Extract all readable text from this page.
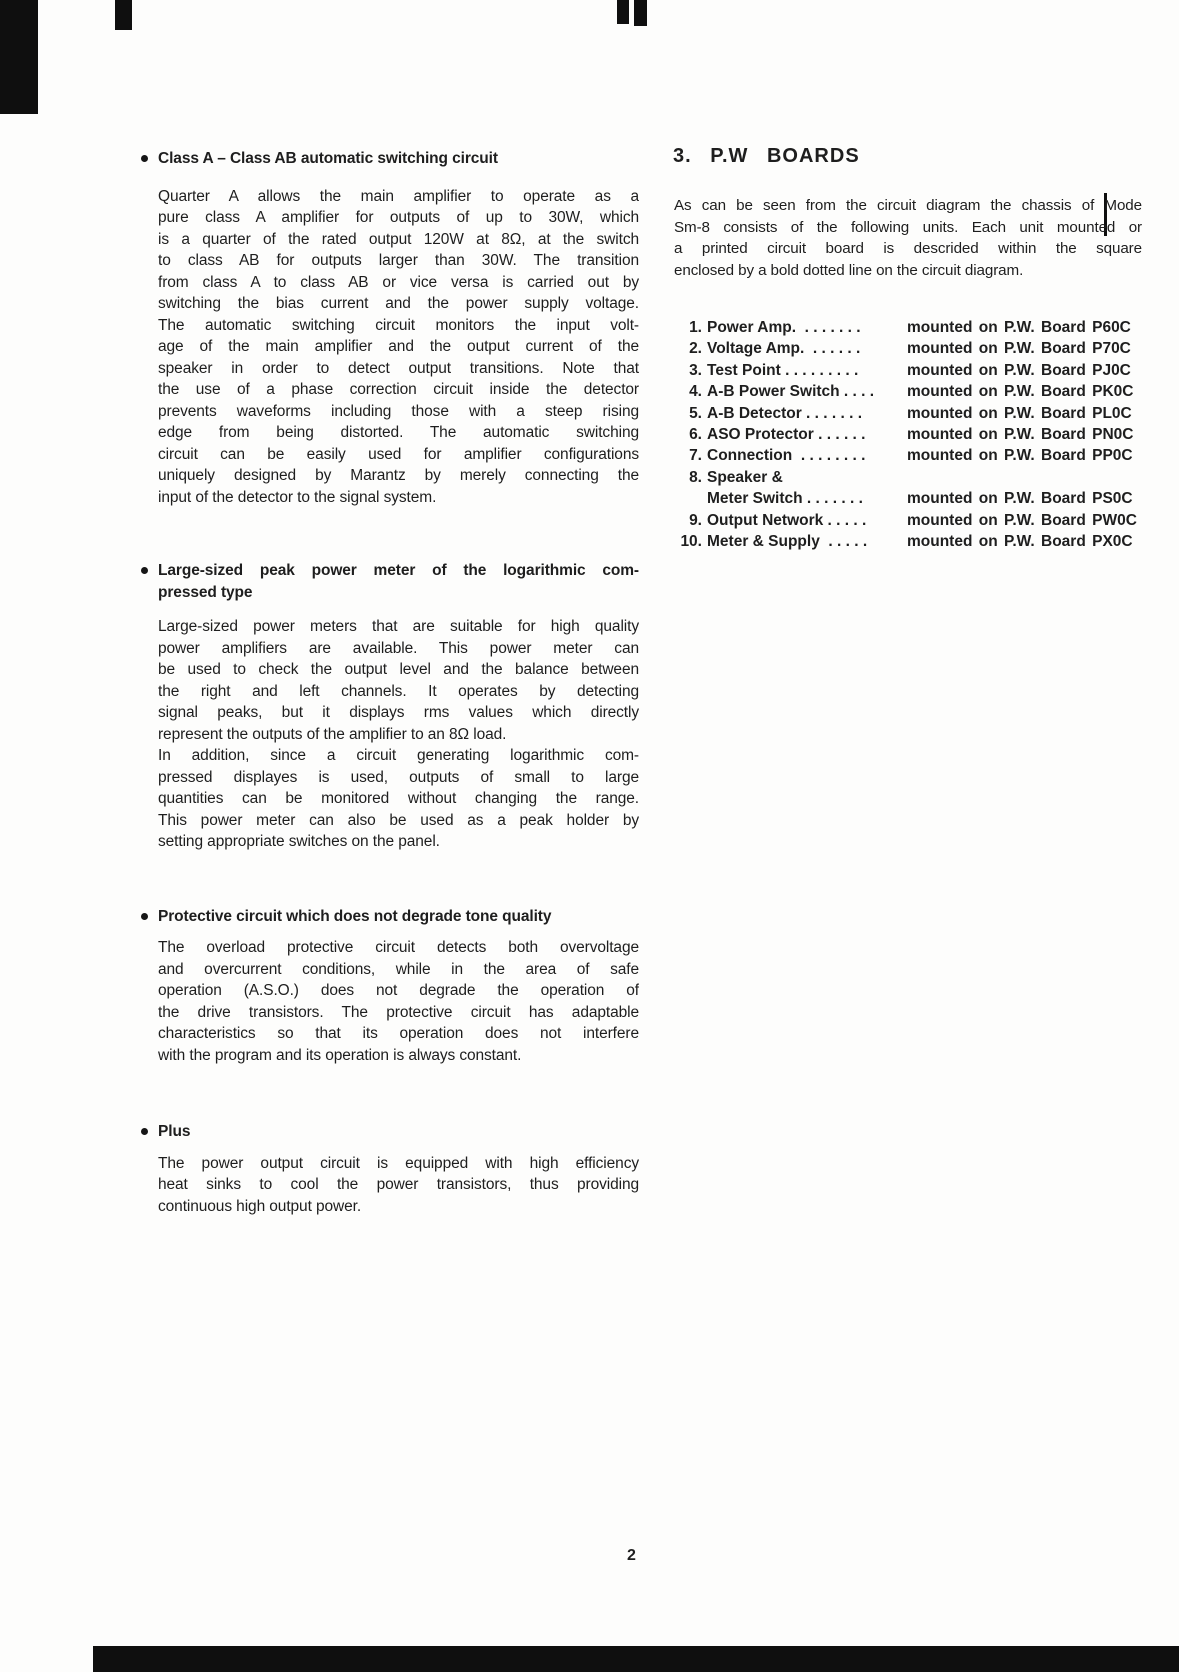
Class A – Class AB automatic switching circuit
Quarter A allows the main amplifier to operate as a
pure class A amplifier for outputs of up to 30W, which
is a quarter of the rated output 120W at 8Ω, at the switch
to class AB for outputs larger than 30W. The transition
from class A to class AB or vice versa is carried out by
switching the bias current and the power supply voltage.
The automatic switching circuit monitors the input volt-
age of the main amplifier and the output current of the
speaker in order to detect output transitions. Note that
the use of a phase correction circuit inside the detector
prevents waveforms including those with a steep rising
edge from being distorted. The automatic switching
circuit can be easily used for amplifier configurations
uniquely designed by Marantz by merely connecting the
input of the detector to the signal system.
Large-sized peak power meter of the logarithmic com-
pressed type
Large-sized power meters that are suitable for high quality
power amplifiers are available. This power meter can
be used to check the output level and the balance between
the right and left channels. It operates by detecting
signal peaks, but it displays rms values which directly
represent the outputs of the amplifier to an 8Ω load.
In addition, since a circuit generating logarithmic com-
pressed displayes is used, outputs of small to large
quantities can be monitored without changing the range.
This power meter can also be used as a peak holder by
setting appropriate switches on the panel.
Protective circuit which does not degrade tone quality
The overload protective circuit detects both overvoltage
and overcurrent conditions, while in the area of safe
operation (A.S.O.) does not degrade the operation of
the drive transistors. The protective circuit has adaptable
characteristics so that its operation does not interfere
with the program and its operation is always constant.
Plus
The power output circuit is equipped with high efficiency
heat sinks to cool the power transistors, thus providing
continuous high output power.
3. P.W BOARDS
As can be seen from the circuit diagram the chassis of Mode
Sm-8 consists of the following units. Each unit mounted or
a printed circuit board is descrided within the square
enclosed by a bold dotted line on the circuit diagram.
1. Power Amp.  . . . . . . .	mounted on P.W. Board P60C
2. Voltage Amp.  . . . . . .	mounted on P.W. Board P70C
3. Test Point . . . . . . . . .	mounted on P.W. Board PJ0C
4. A-B Power Switch . . . . mounted on P.W. Board PK0C
5. A-B Detector . . . . . . .	mounted on P.W. Board PL0C
6. ASO Protector . . . . . .	mounted on P.W. Board PN0C
7. Connection  . . . . . . . .	mounted on P.W. Board PP0C
8. Speaker &
Meter Switch . . . . . . .	mounted on P.W. Board PS0C
9. Output Network . . . . .	mounted on P.W. Board PW0C
10. Meter & Supply  . . . . .	mounted on P.W. Board PX0C
2
